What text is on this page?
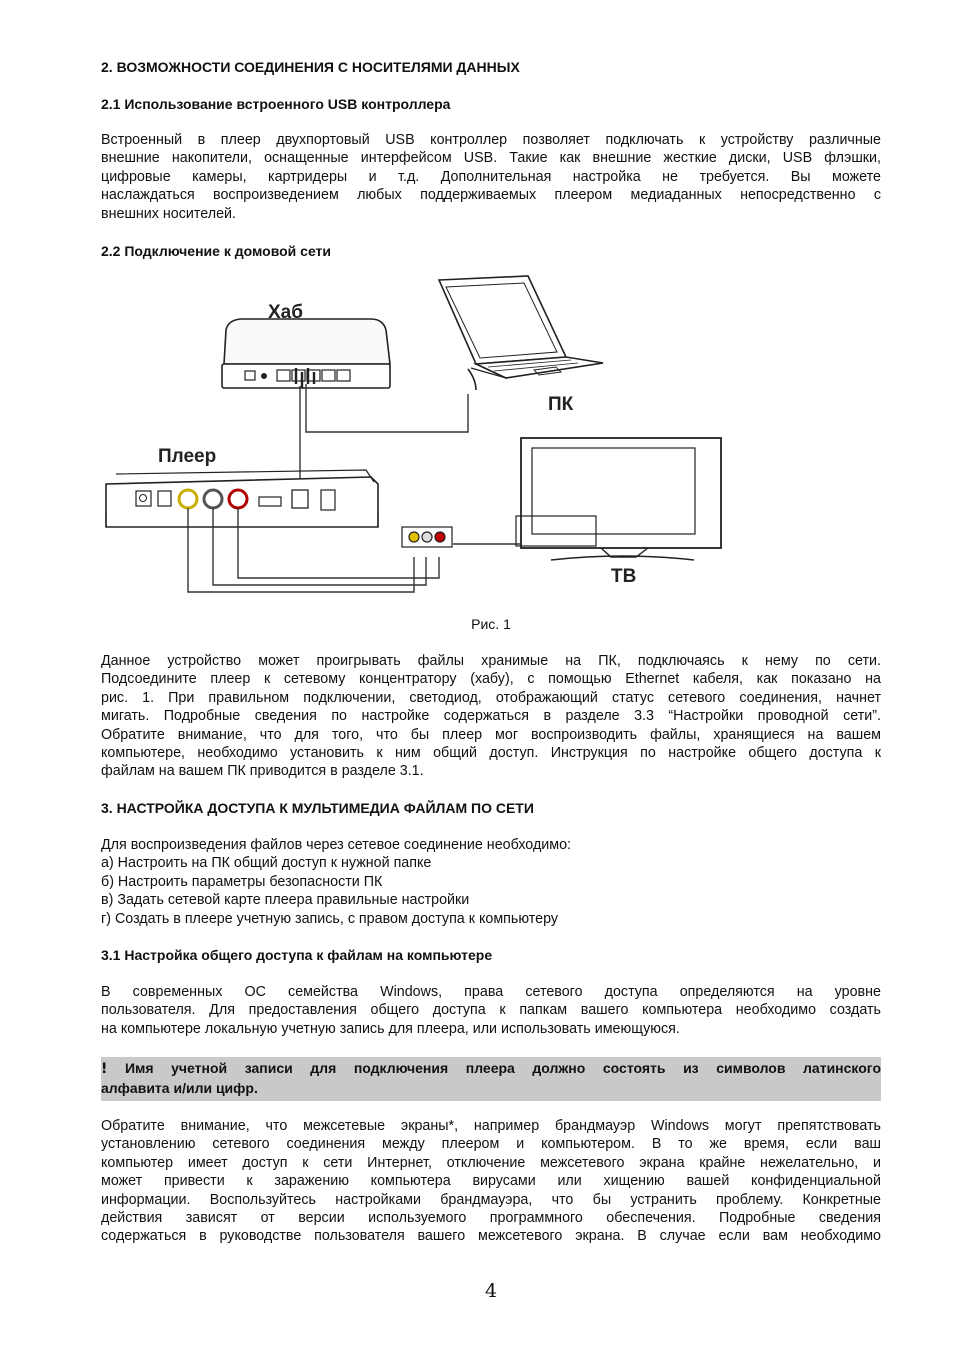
2. ВОЗМОЖНОСТИ СОЕДИНЕНИЯ С НОСИТЕЛЯМИ ДАННЫХ
2.1 Использование встроенного USB контроллера
Встроенный в плеер двухпортовый USB контроллер позволяет подключать к устройству различные
внешние накопители, оснащенные интерфейсом USB. Такие как внешние жесткие диски, USB флэшки,
цифровые камеры, картридеры и т.д. Дополнительная настройка не требуется. Вы можете
наслаждаться воспроизведением любых поддерживаемых плеером медиаданных непосредственно с
внешних носителей.
2.2 Подключение к домовой сети
Хаб
ПК
Плеер
ТВ
Рис. 1
Данное устройство может проигрывать файлы хранимые на ПК, подключаясь к нему по сети.
Подсоедините плеер к сетевому концентратору (хабу), с помощью Ethernet кабеля, как показано на
рис. 1. При правильном подключении, светодиод, отображающий статус сетевого соединения, начнет
мигать. Подробные сведения по настройке содержаться в разделе 3.3 “Настройки проводной сети”.
Обратите внимание, что для того, что бы плеер мог воспроизводить файлы, хранящиеся на вашем
компьютере, необходимо установить к ним общий доступ. Инструкция по настройке общего доступа к
файлам на вашем ПК приводится в разделе 3.1.
3. НАСТРОЙКА ДОСТУПА К МУЛЬТИМЕДИА ФАЙЛАМ ПО СЕТИ
Для воспроизведения файлов через сетевое соединение необходимо:
а) Настроить на ПК общий доступ к нужной папке
б) Настроить параметры безопасности ПК
в) Задать сетевой карте плеера правильные настройки
г) Создать в плеере учетную запись, с правом доступа к компьютеру
3.1 Настройка общего доступа к файлам на компьютере
В современных ОС семейства Windows, права сетевого доступа определяются на уровне
пользователя. Для предоставления общего доступа к папкам вашего компьютера необходимо создать
на компьютере локальную учетную запись для плеера, или использовать имеющуюся.
! Имя учетной записи для подключения плеера должно состоять из символов латинского
алфавита и/или цифр.
Обратите внимание, что межсетевые экраны*, например брандмауэр Windows могут препятствовать
установлению сетевого соединения между плеером и компьютером. В то же время, если ваш
компьютер имеет доступ к сети Интернет, отключение межсетевого экрана крайне нежелательно, и
может привести к заражению компьютера вирусами или хищению вашей конфиденциальной
информации. Воспользуйтесь настройками брандмауэра, что бы устранить проблему. Конкретные
действия зависят от версии используемого программного обеспечения. Подробные сведения
содержаться в руководстве пользователя вашего межсетевого экрана. В случае если вам необходимо
4
